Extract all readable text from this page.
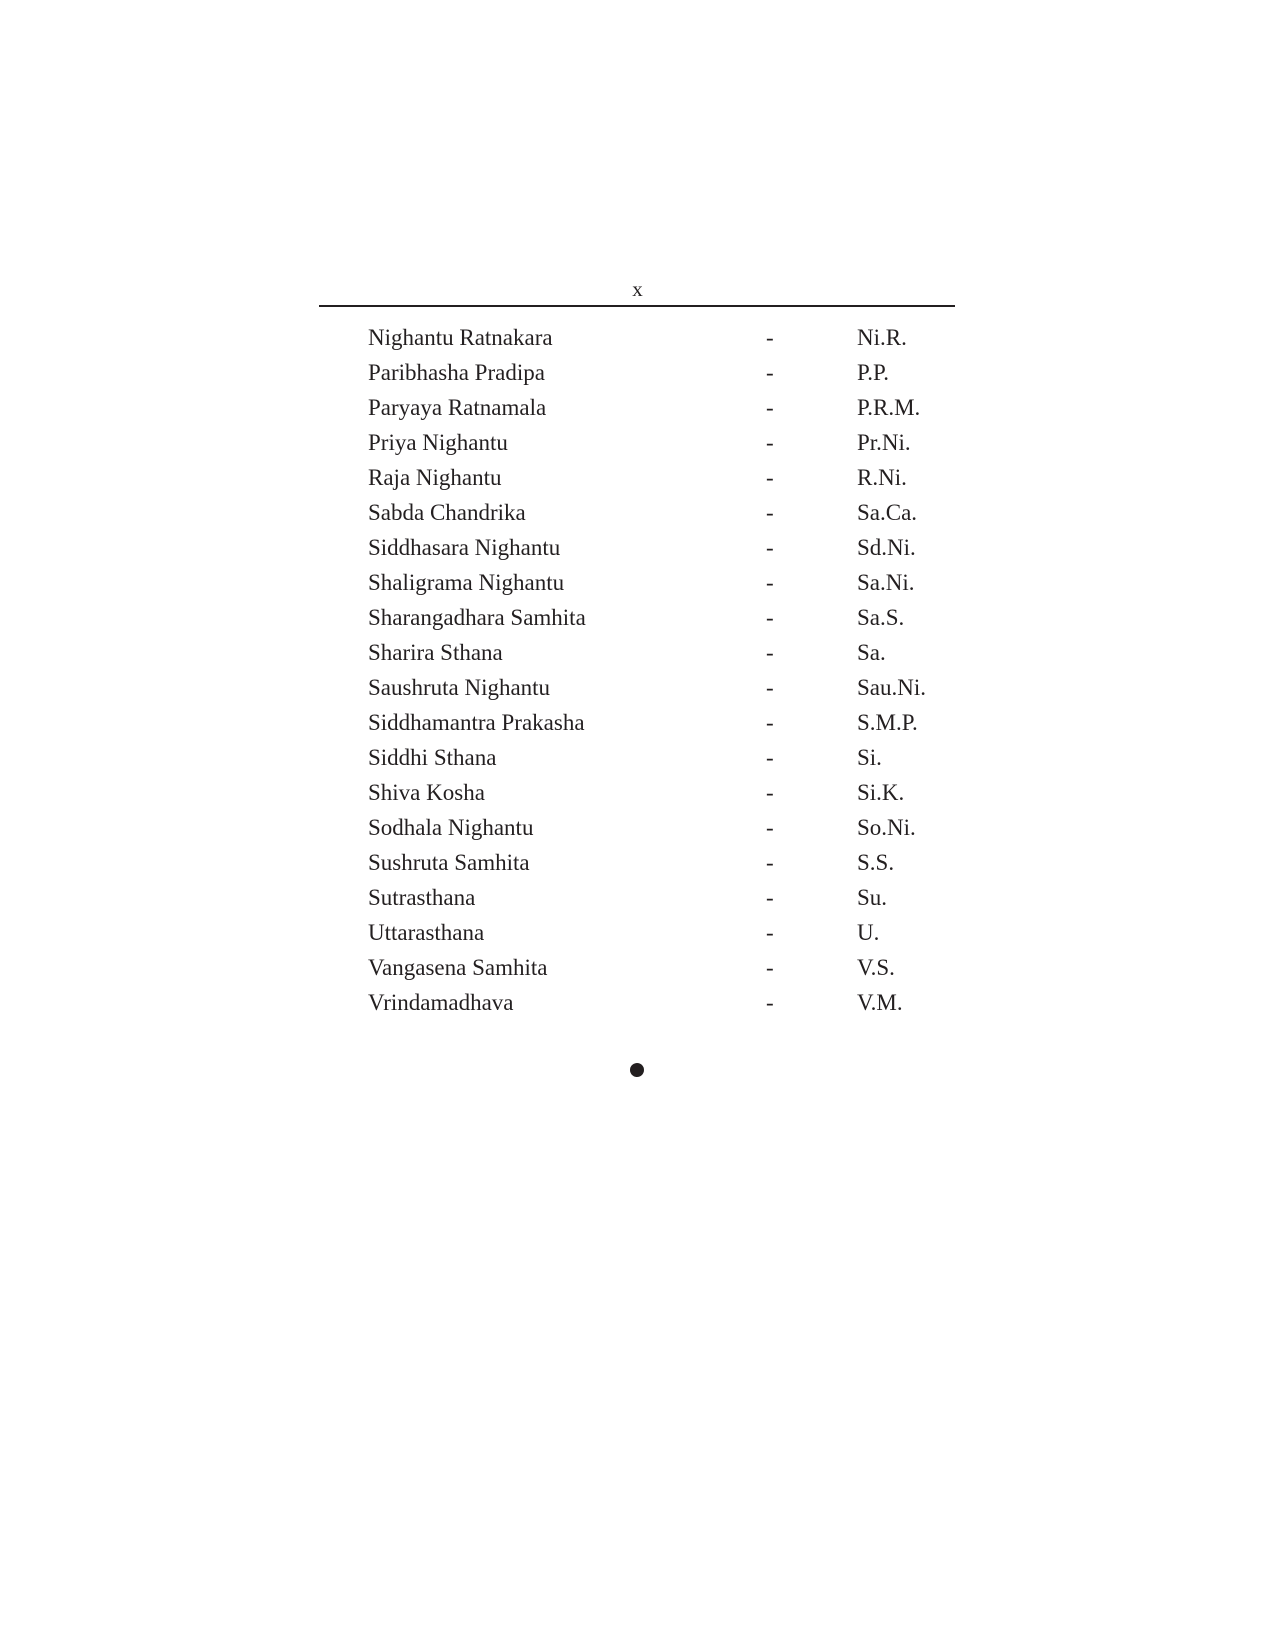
x
Nighantu Ratnakara	-	Ni.R.
Paribhasha Pradipa	-	P.P.
Paryaya Ratnamala	-	P.R.M.
Priya Nighantu	-	Pr.Ni.
Raja Nighantu	-	R.Ni.
Sabda Chandrika	-	Sa.Ca.
Siddhasara Nighantu	-	Sd.Ni.
Shaligrama Nighantu	-	Sa.Ni.
Sharangadhara Samhita	-	Sa.S.
Sharira Sthana	-	Sa.
Saushruta Nighantu	-	Sau.Ni.
Siddhamantra Prakasha	-	S.M.P.
Siddhi Sthana	-	Si.
Shiva Kosha	-	Si.K.
Sodhala Nighantu	-	So.Ni.
Sushruta Samhita	-	S.S.
Sutrasthana	-	Su.
Uttarasthana	-	U.
Vangasena Samhita	-	V.S.
Vrindamadhava	-	V.M.
